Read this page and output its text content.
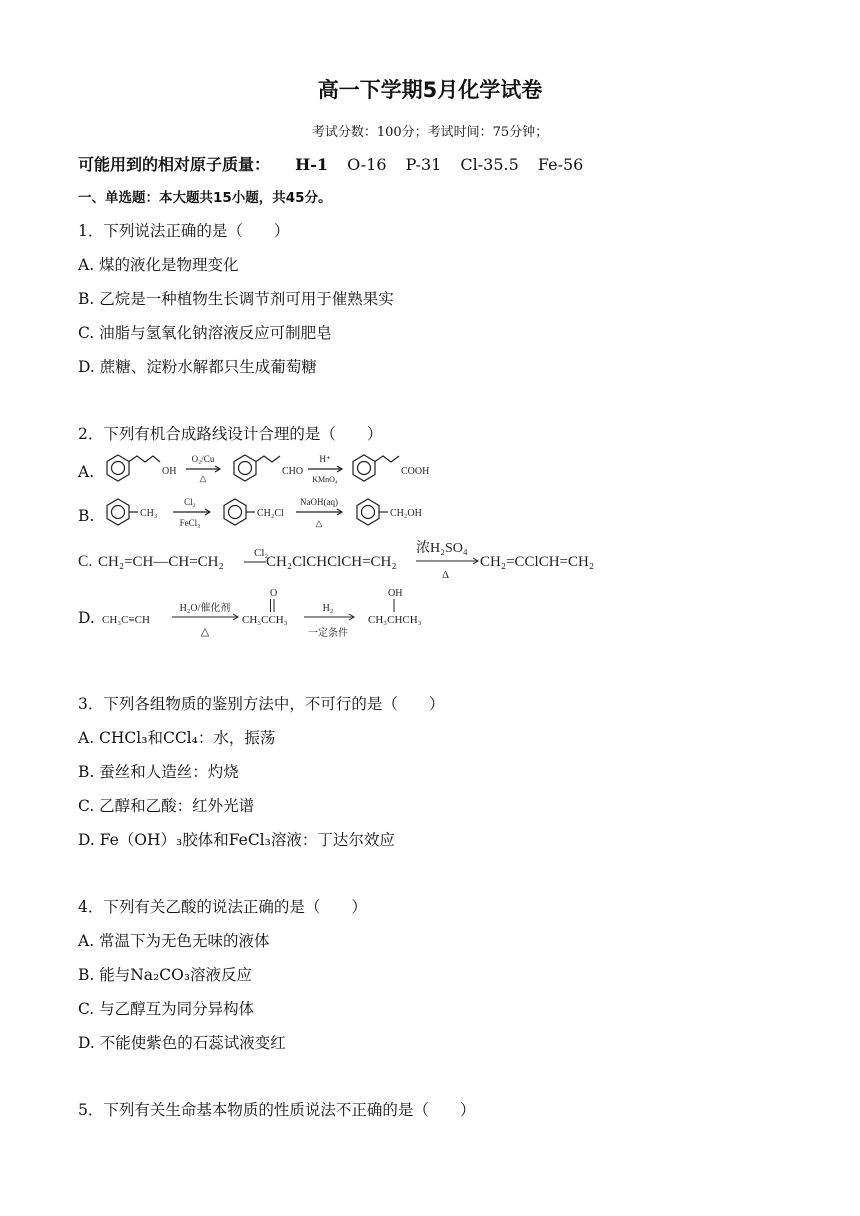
高一下学期5月化学试卷
考试分数：100分；考试时间：75分钟；
可能用到的相对原子质量： H-1 O-16 P-31 Cl-35.5 Fe-56
一、单选题：本大题共15小题，共45分。
1．下列说法正确的是（　　）
A. 煤的液化是物理变化
B. 乙烷是一种植物生长调节剂可用于催熟果实
C. 油脂与氢氧化钠溶液反应可制肥皂
D. 蔗糖、淀粉水解都只生成葡萄糖
2．下列有机合成路线设计合理的是（　　）
A.	OH
O₂/Cu
△
CHO
H⁺
KMnO₄
COOH
B.	CH₃
Cl₂
FeCl₃
CH₂Cl
NaOH(aq)
△
CH₂OH
C. CH₂=CH—CH=CH₂
Cl₂
CH₂ClCHClCH=CH₂
浓H₂SO₄
Δ
CH₂=CClCH=CH₂
D. CH₃C≡CH
H₂O/催化剂
△
O
CH₃CCH₃
H₂
一定条件
OH
CH₃CHCH₃
3．下列各组物质的鉴别方法中，不可行的是（　　）
A. CHCl₃和CCl₄：水，振荡
B. 蚕丝和人造丝：灼烧
C. 乙醇和乙酸：红外光谱
D. Fe（OH）₃胶体和FeCl₃溶液：丁达尔效应
4．下列有关乙酸的说法正确的是（　　）
A. 常温下为无色无味的液体
B. 能与Na₂CO₃溶液反应
C. 与乙醇互为同分异构体
D. 不能使紫色的石蕊试液变红
5．下列有关生命基本物质的性质说法不正确的是（　　）
